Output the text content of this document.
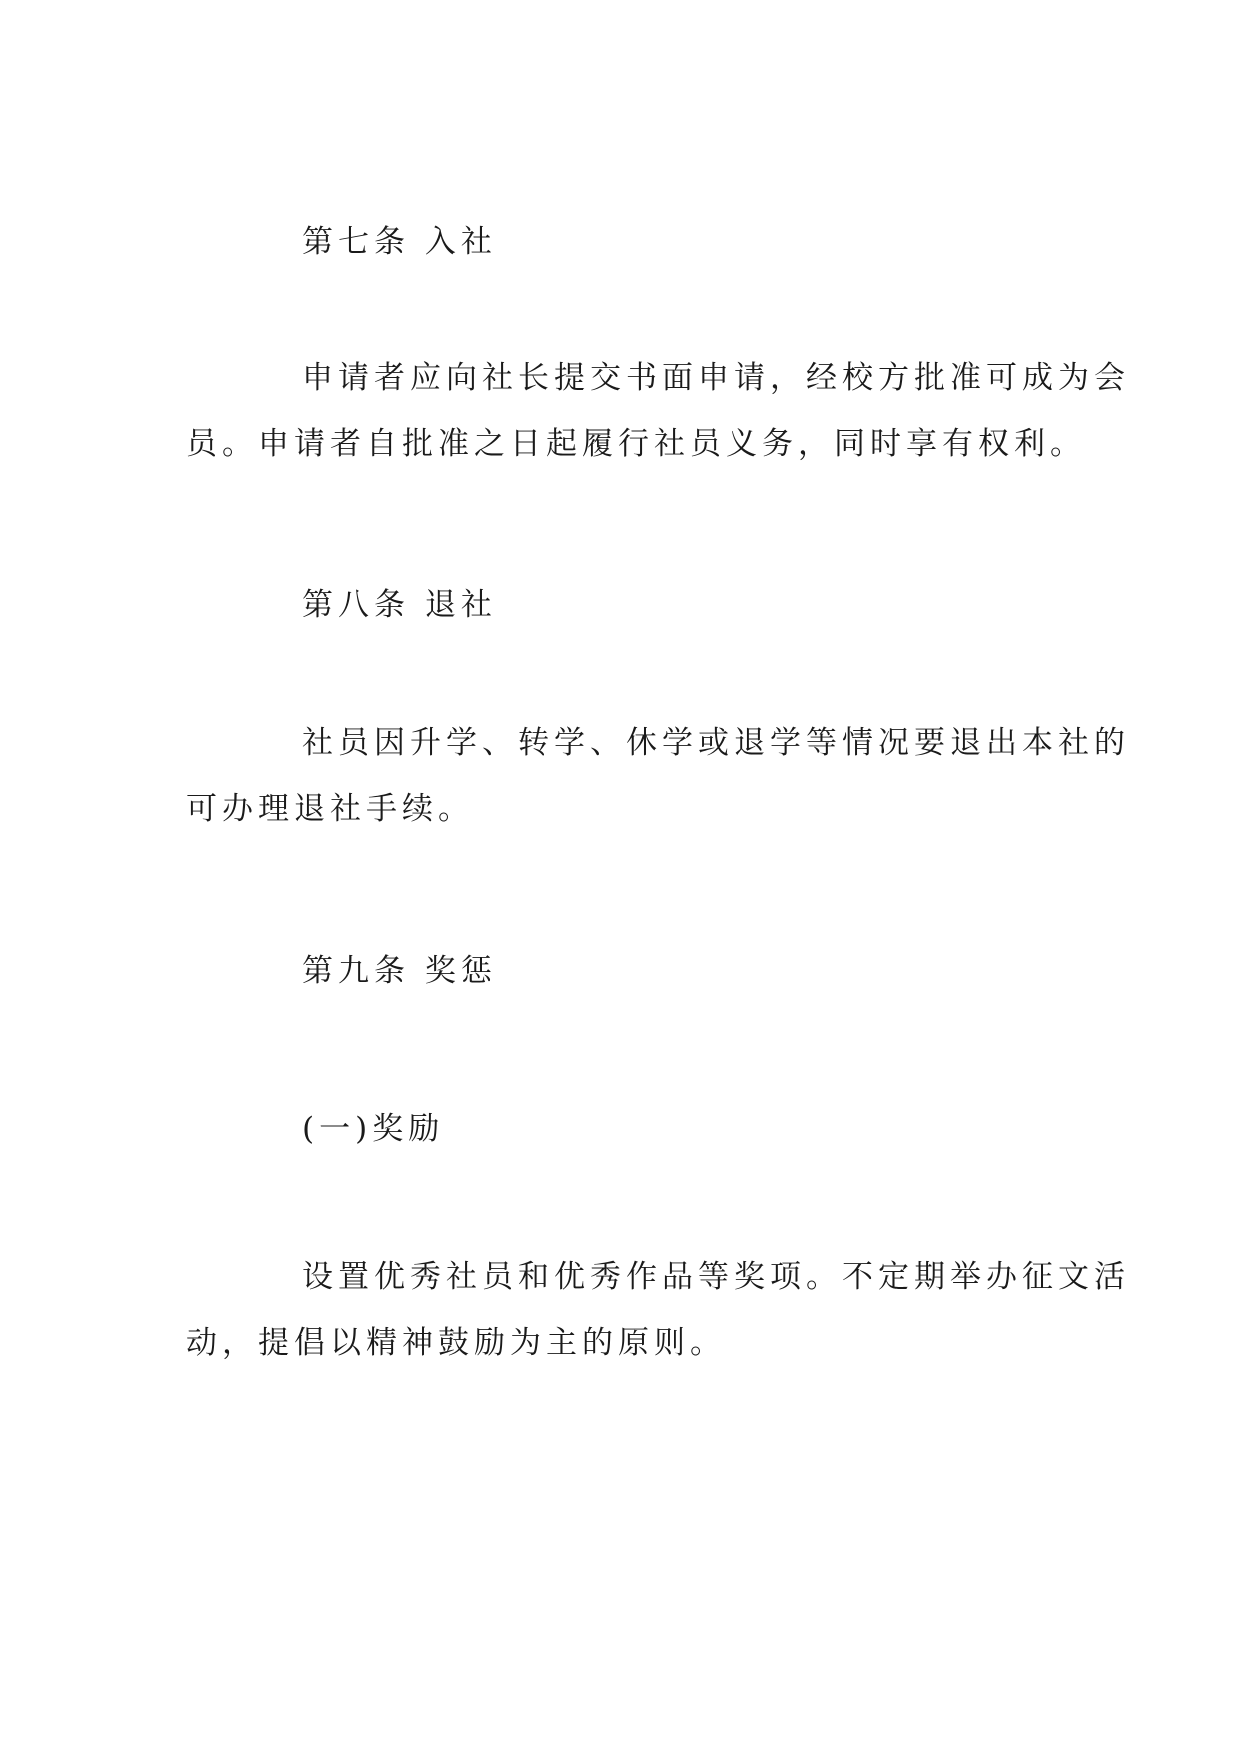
第七条 入社
申请者应向社长提交书面申请，经校方批准可成为会
员。申请者自批准之日起履行社员义务，同时享有权利。
第八条 退社
社员因升学、转学、休学或退学等情况要退出本社的
可办理退社手续。
第九条 奖惩
(一)奖励
设置优秀社员和优秀作品等奖项。不定期举办征文活
动，提倡以精神鼓励为主的原则。
